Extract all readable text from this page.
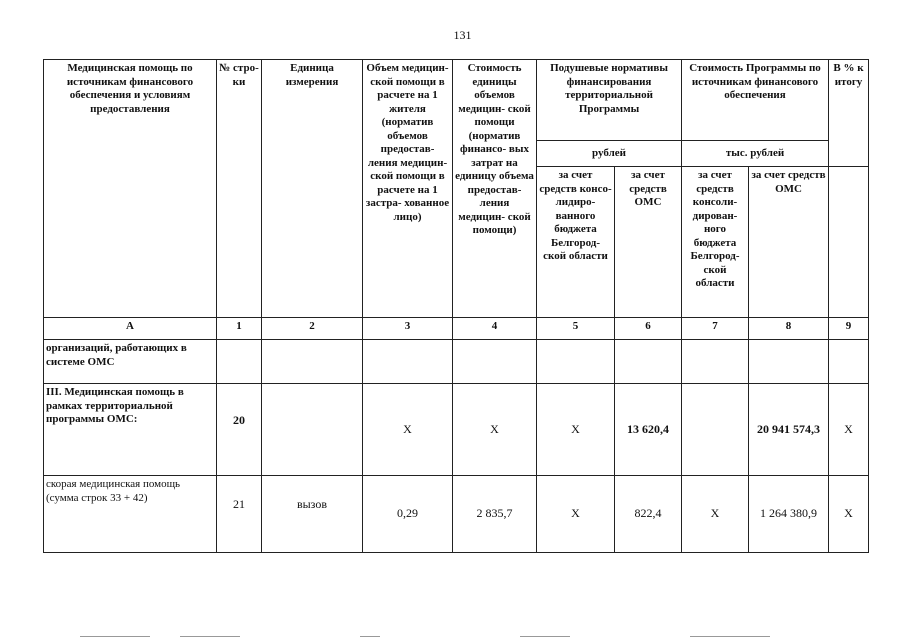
131
Медицинская помощь по источникам финансового обеспечения и условиям предоставления	№ стро- ки	Единица измерения	Объем медицин- ской помощи в расчете на 1 жителя (норматив объемов предостав- ления медицин- ской помощи в расчете на 1 застра- хованное лицо)	Стоимость единицы объемов медицин- ской помощи (норматив финансо- вых затрат на единицу объема предостав- ления медицин- ской помощи)	Подушевые нормативы финансирования территориальной Программы		Стоимость Программы по источникам финансового обеспечения		В % к итогу
					рублей		тыс. рублей		
					за счет средств консо- лидиро- ванного бюджета Белгород- ской области	за счет средств ОМС	за счет средств консоли- дирован- ного бюджета Белгород- ской области	за счет средств ОМС	
А	1	2	3	4	5	6	7	8	9
организаций, работающих в системе ОМС									
III. Медицинская помощь в рамках территориальной программы ОМС:	20		Х	Х	Х	13 620,4		20 941 574,3	Х
скорая медицинская помощь (сумма строк 33 + 42)	21	вызов	0,29	2 835,7	Х	822,4	Х	1 264 380,9	Х
